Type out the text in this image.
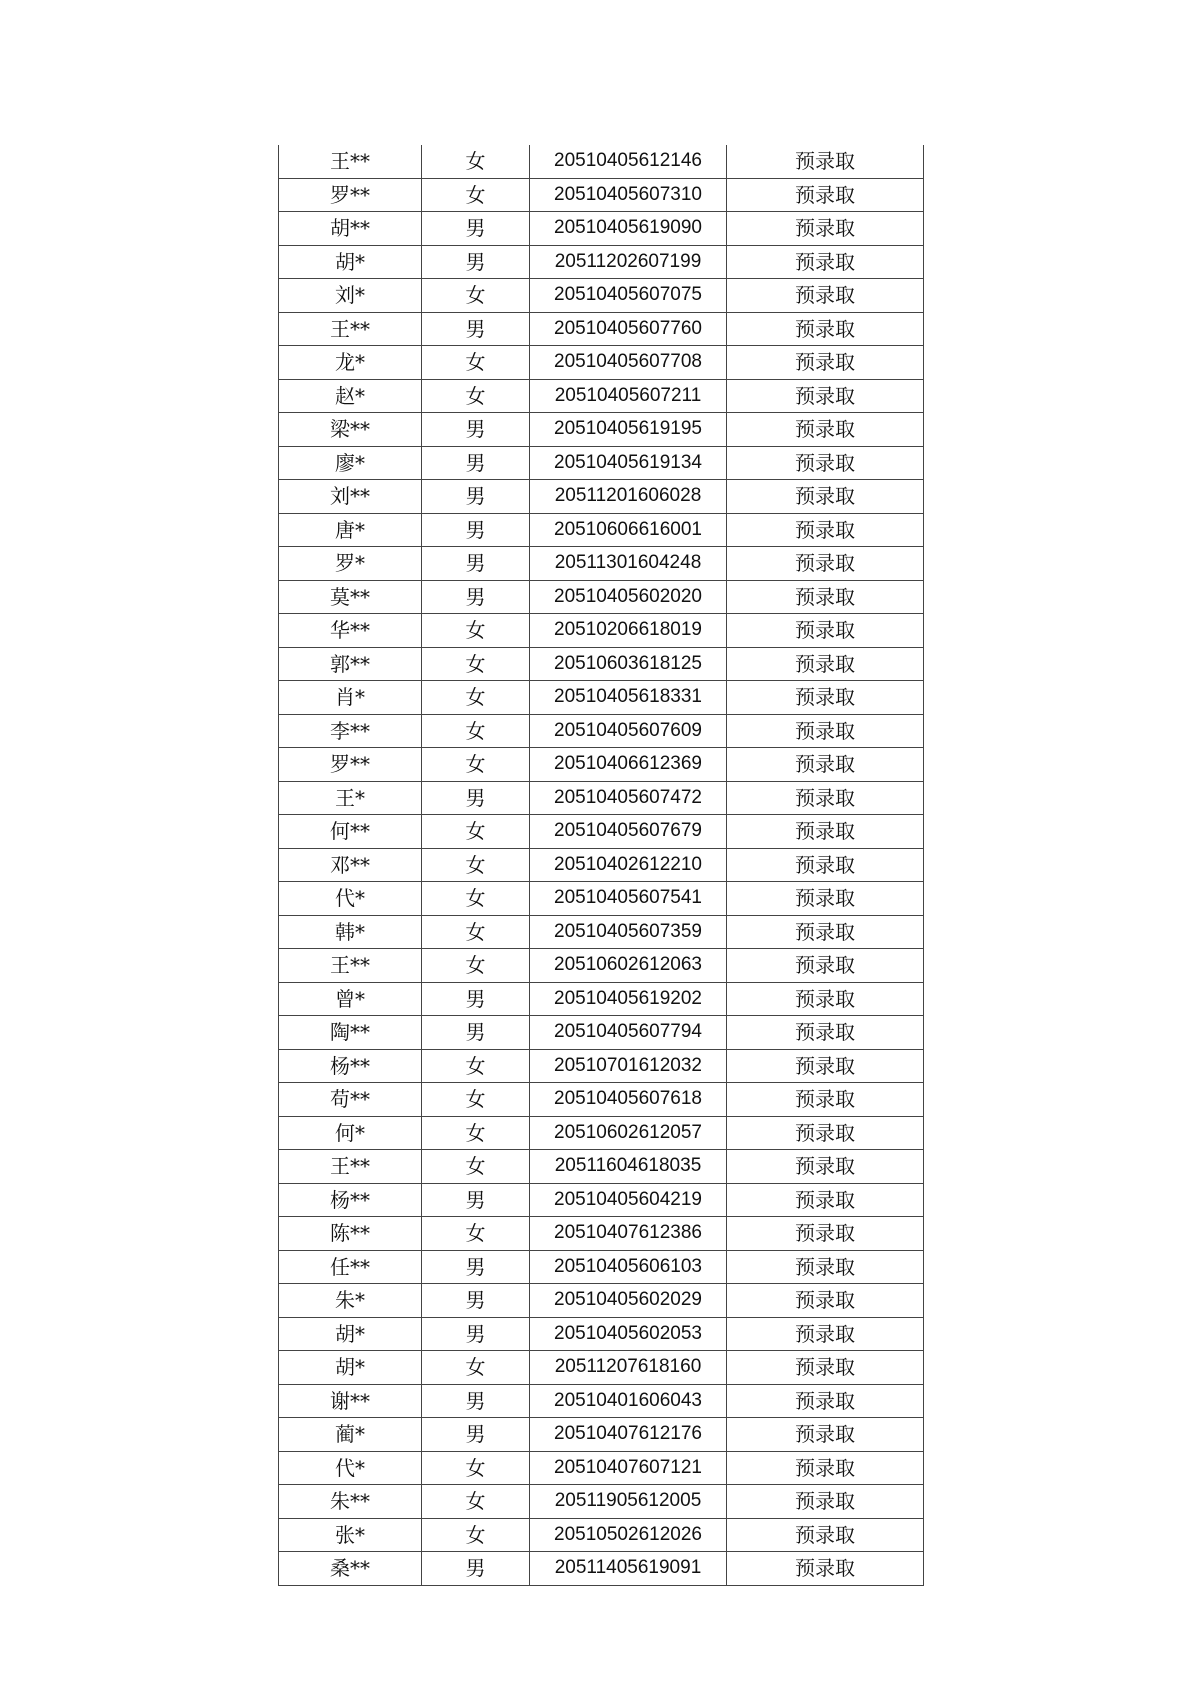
王**	女	20510405612146	预录取
罗**	女	20510405607310	预录取
胡**	男	20510405619090	预录取
胡*	男	20511202607199	预录取
刘*	女	20510405607075	预录取
王**	男	20510405607760	预录取
龙*	女	20510405607708	预录取
赵*	女	20510405607211	预录取
梁**	男	20510405619195	预录取
廖*	男	20510405619134	预录取
刘**	男	20511201606028	预录取
唐*	男	20510606616001	预录取
罗*	男	20511301604248	预录取
莫**	男	20510405602020	预录取
华**	女	20510206618019	预录取
郭**	女	20510603618125	预录取
肖*	女	20510405618331	预录取
李**	女	20510405607609	预录取
罗**	女	20510406612369	预录取
王*	男	20510405607472	预录取
何**	女	20510405607679	预录取
邓**	女	20510402612210	预录取
代*	女	20510405607541	预录取
韩*	女	20510405607359	预录取
王**	女	20510602612063	预录取
曾*	男	20510405619202	预录取
陶**	男	20510405607794	预录取
杨**	女	20510701612032	预录取
苟**	女	20510405607618	预录取
何*	女	20510602612057	预录取
王**	女	20511604618035	预录取
杨**	男	20510405604219	预录取
陈**	女	20510407612386	预录取
任**	男	20510405606103	预录取
朱*	男	20510405602029	预录取
胡*	男	20510405602053	预录取
胡*	女	20511207618160	预录取
谢**	男	20510401606043	预录取
蔺*	男	20510407612176	预录取
代*	女	20510407607121	预录取
朱**	女	20511905612005	预录取
张*	女	20510502612026	预录取
桑**	男	20511405619091	预录取
